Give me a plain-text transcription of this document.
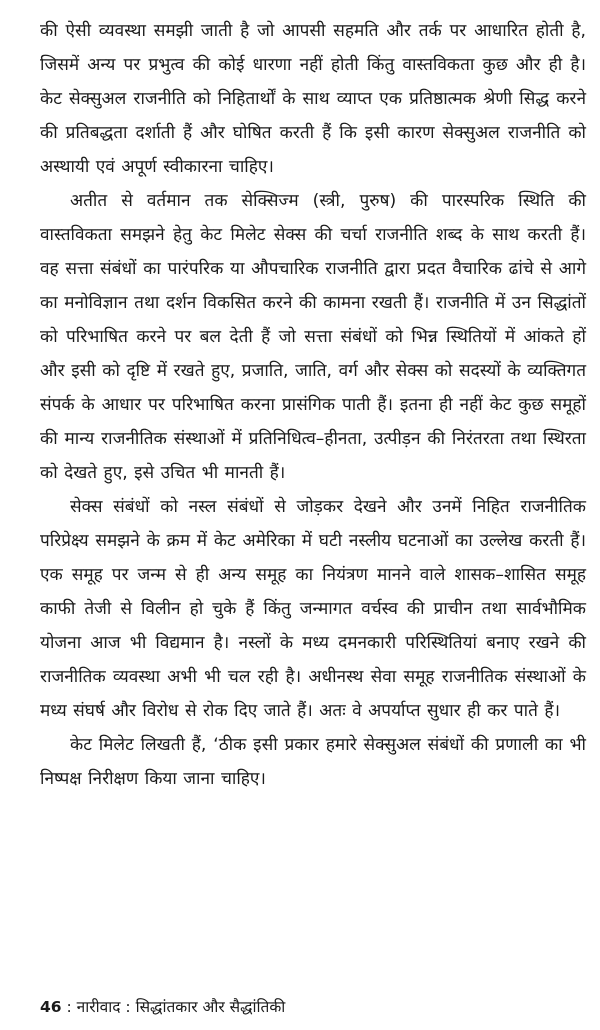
की ऐसी व्यवस्था समझी जाती है जो आपसी सहमति और तर्क पर आधारित होती है, जिसमें अन्य पर प्रभुत्व की कोई धारणा नहीं होती किंतु वास्तविकता कुछ और ही है। केट सेक्सुअल राजनीति को निहितार्थों के साथ व्याप्त एक प्रतिष्ठात्मक श्रेणी सिद्ध करने की प्रतिबद्धता दर्शाती हैं और घोषित करती हैं कि इसी कारण सेक्सुअल राजनीति को अस्थायी एवं अपूर्ण स्वीकारना चाहिए।

अतीत से वर्तमान तक सेक्सिज्म (स्त्री, पुरुष) की पारस्परिक स्थिति की वास्तविकता समझने हेतु केट मिलेट सेक्स की चर्चा राजनीति शब्द के साथ करती हैं। वह सत्ता संबंधों का पारंपरिक या औपचारिक राजनीति द्वारा प्रदत वैचारिक ढांचे से आगे का मनोविज्ञान तथा दर्शन विकसित करने की कामना रखती हैं। राजनीति में उन सिद्धांतों को परिभाषित करने पर बल देती हैं जो सत्ता संबंधों को भिन्न स्थितियों में आंकते हों और इसी को दृष्टि में रखते हुए, प्रजाति, जाति, वर्ग और सेक्स को सदस्यों के व्यक्तिगत संपर्क के आधार पर परिभाषित करना प्रासंगिक पाती हैं। इतना ही नहीं केट कुछ समूहों की मान्य राजनीतिक संस्थाओं में प्रतिनिधित्व–हीनता, उत्पीड़न की निरंतरता तथा स्थिरता को देखते हुए, इसे उचित भी मानती हैं।

सेक्स संबंधों को नस्ल संबंधों से जोड़कर देखने और उनमें निहित राजनीतिक परिप्रेक्ष्य समझने के क्रम में केट अमेरिका में घटी नस्लीय घटनाओं का उल्लेख करती हैं। एक समूह पर जन्म से ही अन्य समूह का नियंत्रण मानने वाले शासक–शासित समूह काफी तेजी से विलीन हो चुके हैं किंतु जन्मागत वर्चस्व की प्राचीन तथा सार्वभौमिक योजना आज भी विद्यमान है। नस्लों के मध्य दमनकारी परिस्थितियां बनाए रखने की राजनीतिक व्यवस्था अभी भी चल रही है। अधीनस्थ सेवा समूह राजनीतिक संस्थाओं के मध्य संघर्ष और विरोध से रोक दिए जाते हैं। अतः वे अपर्याप्त सुधार ही कर पाते हैं।

केट मिलेट लिखती हैं, ‘ठीक इसी प्रकार हमारे सेक्सुअल संबंधों की प्रणाली का भी निष्पक्ष निरीक्षण किया जाना चाहिए।

46 : नारीवाद : सिद्धांतकार और सैद्धांतिकी
